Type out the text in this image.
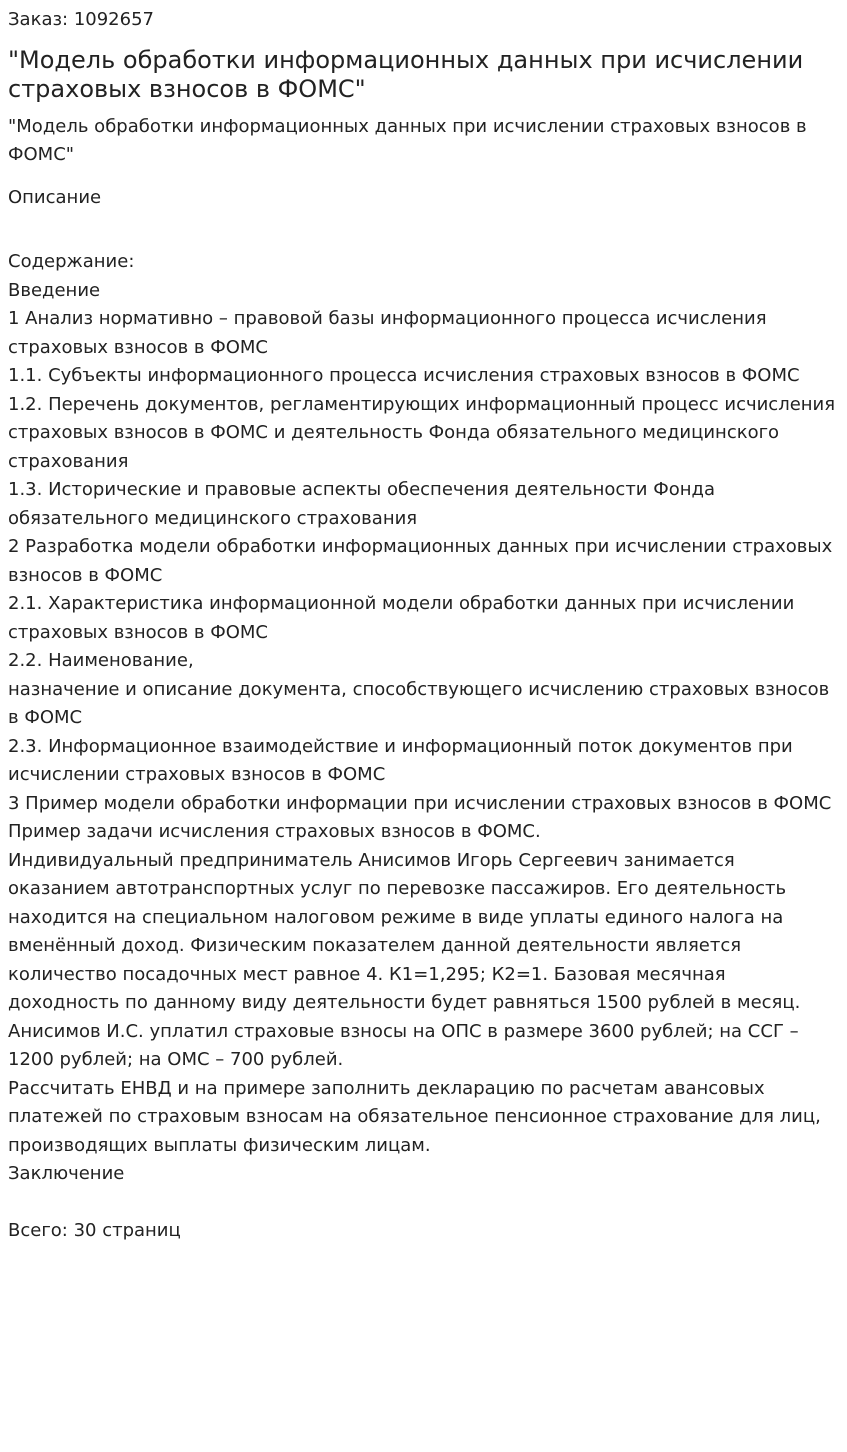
Заказ: 1092657

"Модель обработки информационных данных при исчислении страховых взносов в ФОМС"

"Модель обработки информационных данных при исчислении страховых взносов в ФОМС"

Описание

Содержание:

Введение

1 Анализ нормативно – правовой базы информационного процесса исчисления страховых взносов в ФОМС

1.1. Субъекты информационного процесса исчисления страховых взносов в ФОМС

1.2. Перечень документов, регламентирующих информационный процесс исчисления страховых взносов в ФОМС и деятельность Фонда обязательного медицинского страхования

1.3. Исторические и правовые аспекты обеспечения деятельности Фонда обязательного медицинского страхования

2 Разработка модели обработки информационных данных при исчислении страховых взносов в ФОМС

2.1. Характеристика информационной модели обработки данных при исчислении страховых взносов в ФОМС

2.2. Наименование,

назначение и описание документа, способствующего исчислению страховых взносов в ФОМС

2.3. Информационное взаимодействие и информационный поток документов при исчислении страховых взносов в ФОМС

3 Пример модели обработки информации при исчислении страховых взносов в ФОМС

Пример задачи исчисления страховых взносов в ФОМС.

Индивидуальный предприниматель Анисимов Игорь Сергеевич занимается оказанием автотранспортных услуг по перевозке пассажиров. Его деятельность находится на специальном налоговом режиме в виде уплаты единого налога на вменённый доход. Физическим показателем данной деятельности является количество посадочных мест равное 4. К1=1,295; К2=1. Базовая месячная доходность по данному виду деятельности будет равняться 1500 рублей в месяц. Анисимов И.С. уплатил страховые взносы на ОПС в размере 3600 рублей; на ССГ – 1200 рублей; на ОМС – 700 рублей.

Рассчитать ЕНВД и на примере заполнить декларацию по расчетам авансовых платежей по страховым взносам на обязательное пенсионное страхование для лиц, производящих выплаты физическим лицам.

Заключение

Всего: 30 страниц
